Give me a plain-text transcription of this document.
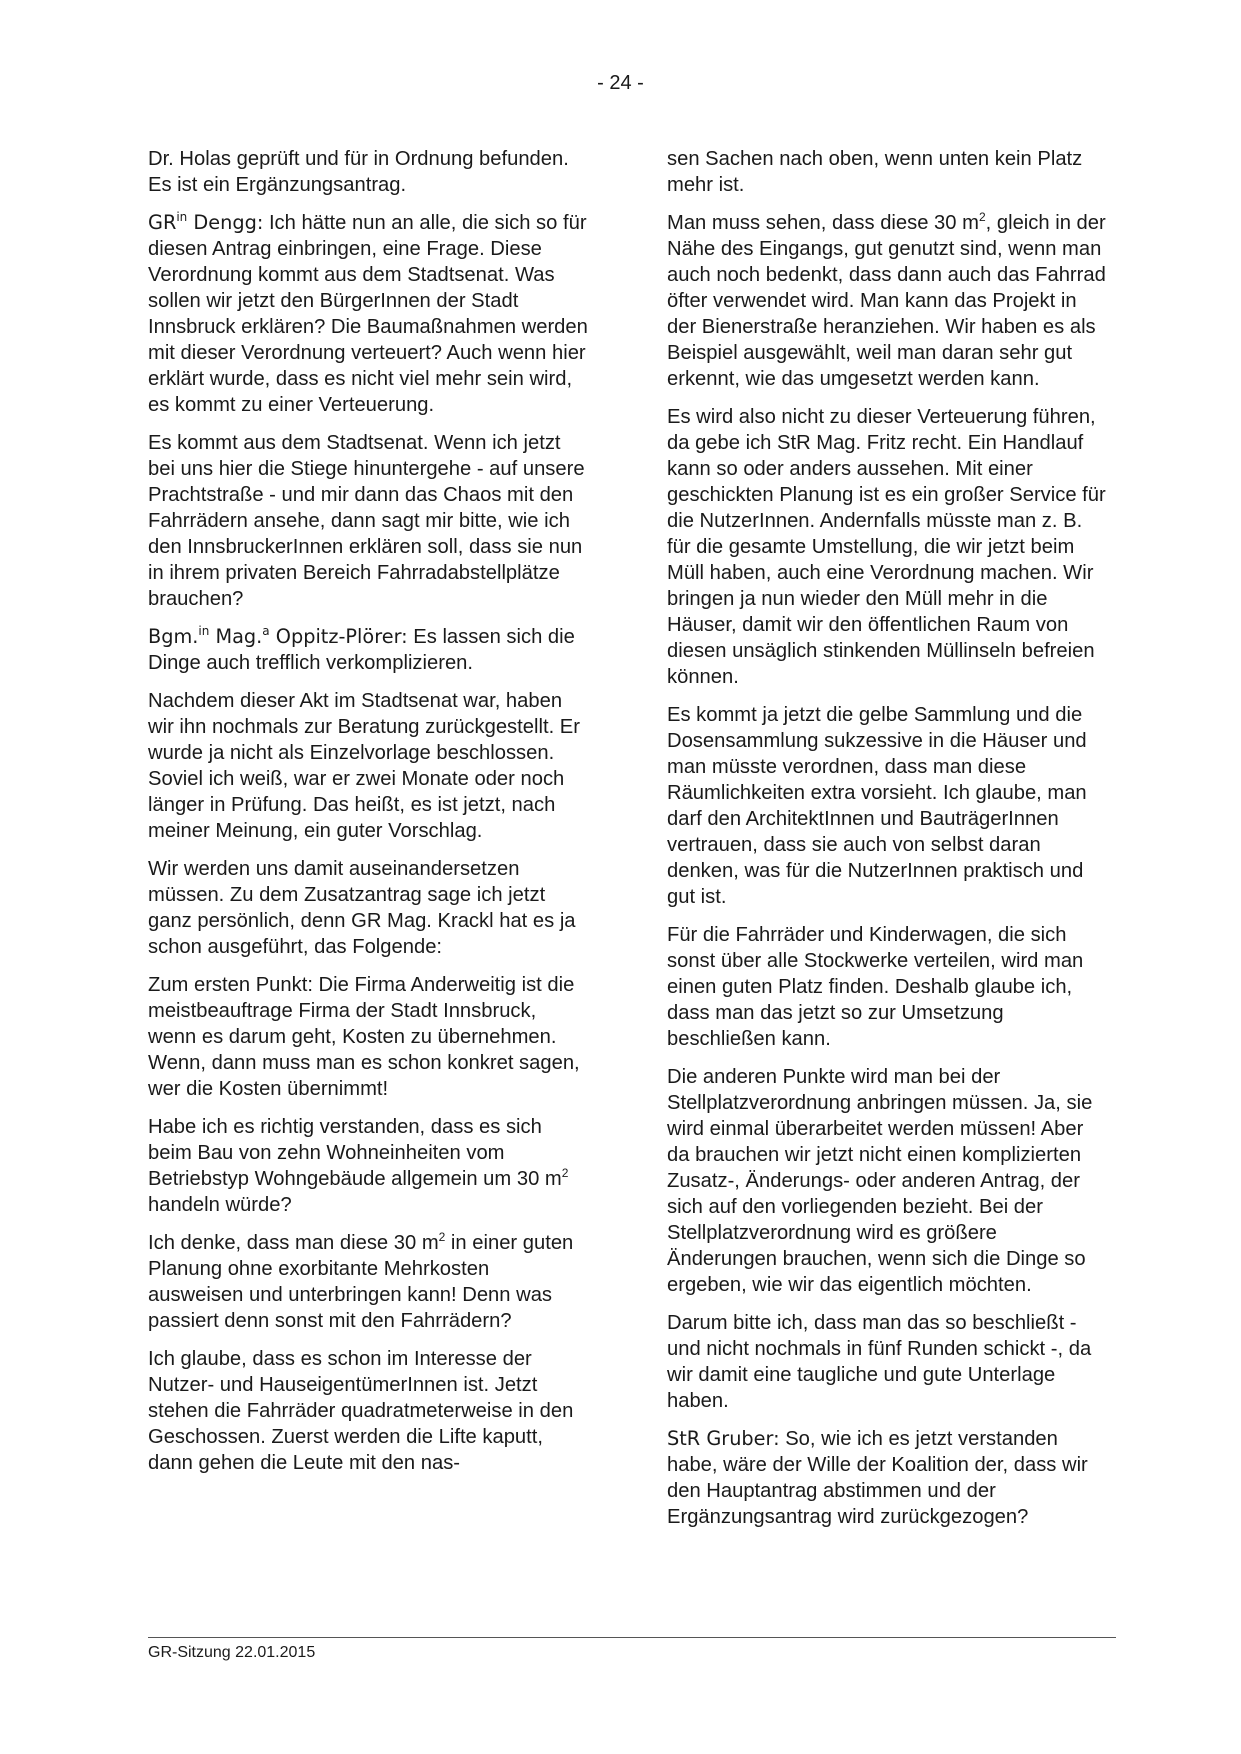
- 24 -

Dr. Holas geprüft und für in Ordnung befunden. Es ist ein Ergänzungsantrag.

$GR^{in}$ Dengg: Ich hätte nun an alle, die sich so für diesen Antrag einbringen, eine Frage. Diese Verordnung kommt aus dem Stadtsenat. Was sollen wir jetzt den BürgerInnen der Stadt Innsbruck erklären? Die Baumaßnahmen werden mit dieser Verordnung verteuert? Auch wenn hier erklärt wurde, dass es nicht viel mehr sein wird, es kommt zu einer Verteuerung.

Es kommt aus dem Stadtsenat. Wenn ich jetzt bei uns hier die Stiege hinuntergehe - auf unsere Prachtstraße - und mir dann das Chaos mit den Fahrrädern ansehe, dann sagt mir bitte, wie ich den InnsbruckerInnen erklären soll, dass sie nun in ihrem privaten Bereich Fahrradabstellplätze brauchen?

Bgm.$^{in}$ Mag.$^a$ Oppitz-Plörer: Es lassen sich die Dinge auch trefflich verkomplizieren.

Nachdem dieser Akt im Stadtsenat war, haben wir ihn nochmals zur Beratung zurückgestellt. Er wurde ja nicht als Einzelvorlage beschlossen. Soviel ich weiß, war er zwei Monate oder noch länger in Prüfung. Das heißt, es ist jetzt, nach meiner Meinung, ein guter Vorschlag.

Wir werden uns damit auseinandersetzen müssen. Zu dem Zusatzantrag sage ich jetzt ganz persönlich, denn GR Mag. Krackl hat es ja schon ausgeführt, das Folgende:

Zum ersten Punkt: Die Firma Anderweitig ist die meistbeauftrage Firma der Stadt Innsbruck, wenn es darum geht, Kosten zu übernehmen. Wenn, dann muss man es schon konkret sagen, wer die Kosten übernimmt!

Habe ich es richtig verstanden, dass es sich beim Bau von zehn Wohneinheiten vom Betriebstyp Wohngebäude allgemein um 30 $m^2$ handeln würde?

Ich denke, dass man diese 30 $m^2$ in einer guten Planung ohne exorbitante Mehrkosten ausweisen und unterbringen kann! Denn was passiert denn sonst mit den Fahrrädern?

Ich glaube, dass es schon im Interesse der Nutzer- und HauseigentümerInnen ist. Jetzt stehen die Fahrräder quadratmeterweise in den Geschossen. Zuerst werden die Lifte kaputt, dann gehen die Leute mit den nas-

sen Sachen nach oben, wenn unten kein Platz mehr ist.

Man muss sehen, dass diese 30 $m^2$, gleich in der Nähe des Eingangs, gut genutzt sind, wenn man auch noch bedenkt, dass dann auch das Fahrrad öfter verwendet wird. Man kann das Projekt in der Bienerstraße heranziehen. Wir haben es als Beispiel ausgewählt, weil man daran sehr gut erkennt, wie das umgesetzt werden kann.

Es wird also nicht zu dieser Verteuerung führen, da gebe ich StR Mag. Fritz recht. Ein Handlauf kann so oder anders aussehen. Mit einer geschickten Planung ist es ein großer Service für die NutzerInnen. Andernfalls müsste man z. B. für die gesamte Umstellung, die wir jetzt beim Müll haben, auch eine Verordnung machen. Wir bringen ja nun wieder den Müll mehr in die Häuser, damit wir den öffentlichen Raum von diesen unsäglich stinkenden Müllinseln befreien können.

Es kommt ja jetzt die gelbe Sammlung und die Dosensammlung sukzessive in die Häuser und man müsste verordnen, dass man diese Räumlichkeiten extra vorsieht. Ich glaube, man darf den ArchitektInnen und BauträgerInnen vertrauen, dass sie auch von selbst daran denken, was für die NutzerInnen praktisch und gut ist.

Für die Fahrräder und Kinderwagen, die sich sonst über alle Stockwerke verteilen, wird man einen guten Platz finden. Deshalb glaube ich, dass man das jetzt so zur Umsetzung beschließen kann.

Die anderen Punkte wird man bei der Stellplatzverordnung anbringen müssen. Ja, sie wird einmal überarbeitet werden müssen! Aber da brauchen wir jetzt nicht einen komplizierten Zusatz-, Änderungs- oder anderen Antrag, der sich auf den vorliegenden bezieht. Bei der Stellplatzverordnung wird es größere Änderungen brauchen, wenn sich die Dinge so ergeben, wie wir das eigentlich möchten.

Darum bitte ich, dass man das so beschließt - und nicht nochmals in fünf Runden schickt -, da wir damit eine taugliche und gute Unterlage haben.

StR Gruber: So, wie ich es jetzt verstanden habe, wäre der Wille der Koalition der, dass wir den Hauptantrag abstimmen und der Ergänzungsantrag wird zurückgezogen?

GR-Sitzung 22.01.2015
